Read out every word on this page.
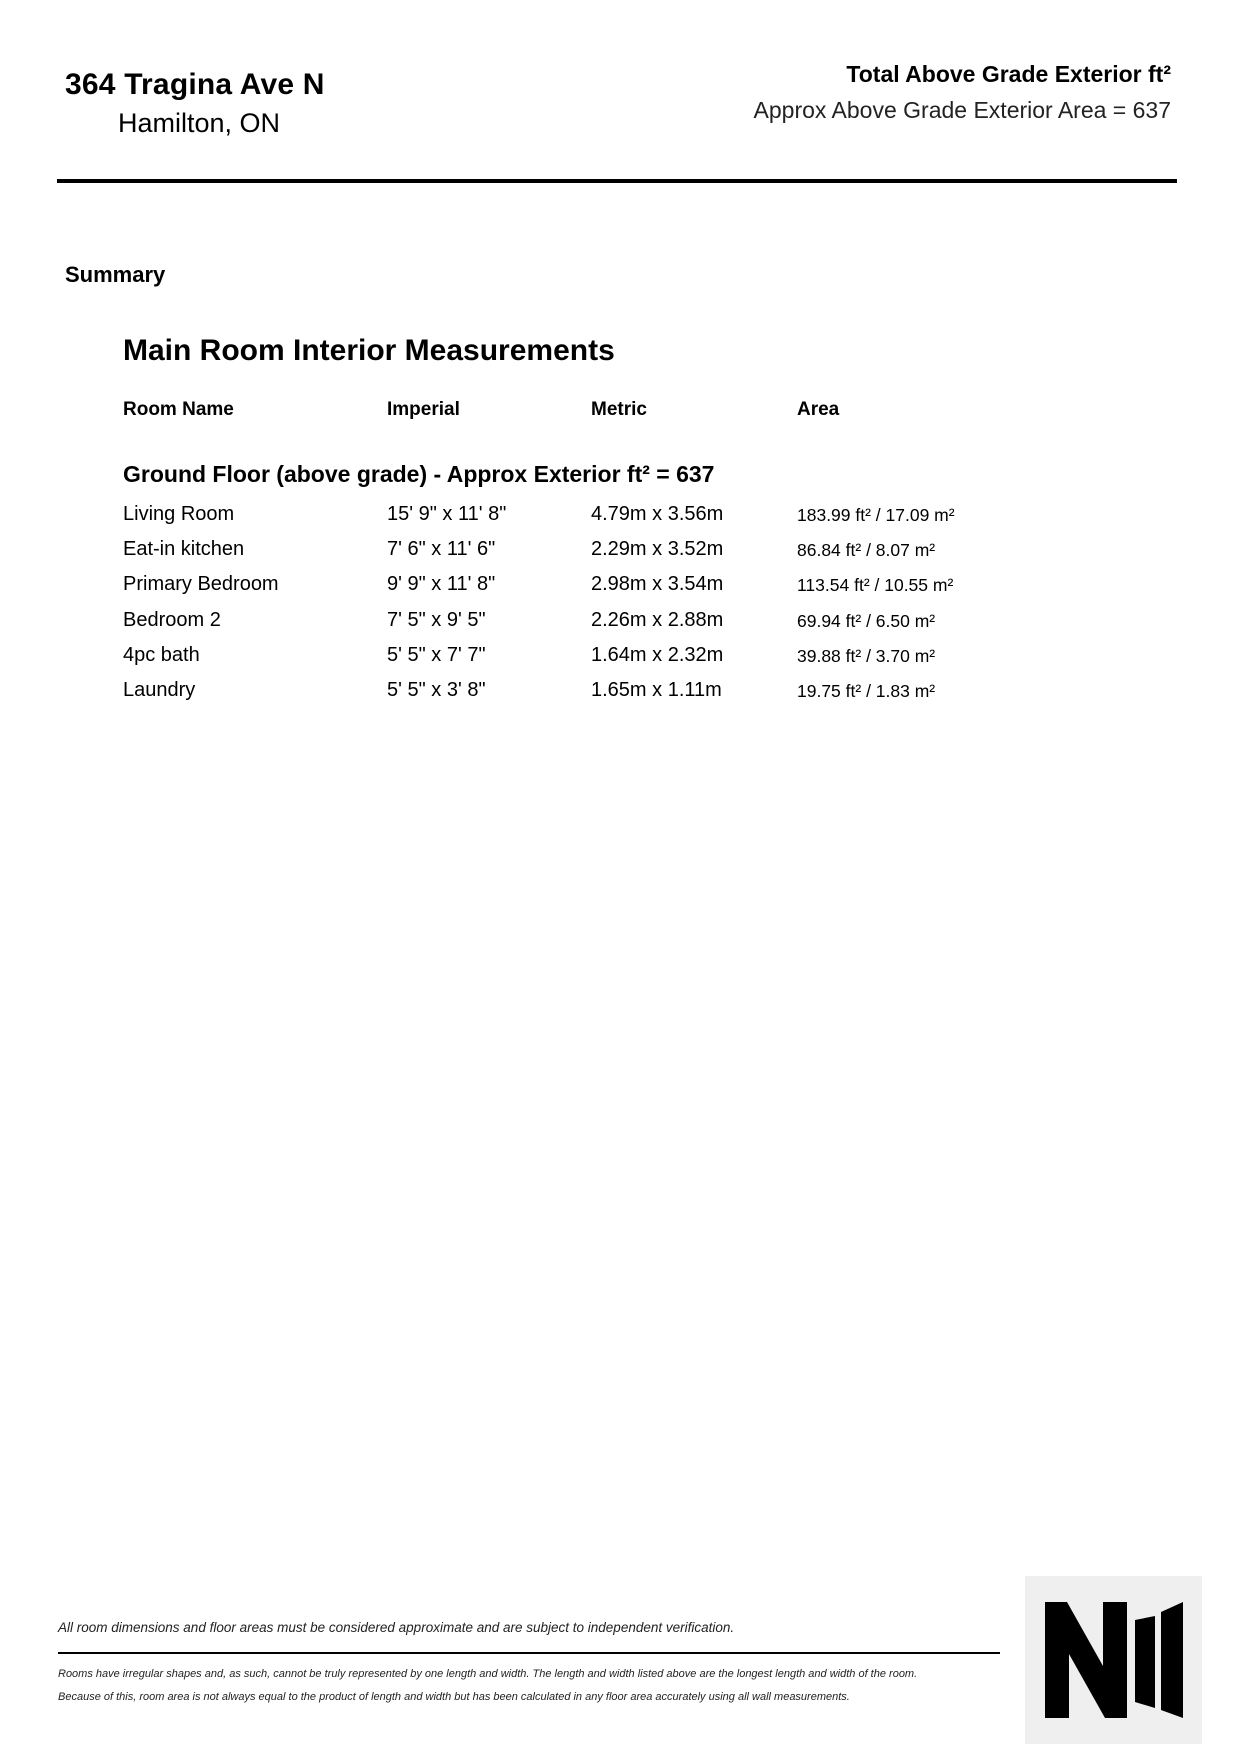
364 Tragina Ave N
Hamilton, ON
Total Above Grade Exterior ft²
Approx Above Grade Exterior Area = 637
Summary
Main Room Interior Measurements
Room Name	Imperial	Metric	Area
Ground Floor (above grade) - Approx Exterior ft² = 637
Living Room	15' 9" x 11' 8"	4.79m x 3.56m	183.99 ft² / 17.09 m²
Eat-in kitchen	7' 6" x 11' 6"	2.29m x 3.52m	86.84 ft² / 8.07 m²
Primary Bedroom	9' 9" x 11' 8"	2.98m x 3.54m	113.54 ft² / 10.55 m²
Bedroom 2	7' 5" x 9' 5"	2.26m x 2.88m	69.94 ft² / 6.50 m²
4pc bath	5' 5" x 7' 7"	1.64m x 2.32m	39.88 ft² / 3.70 m²
Laundry	5' 5" x 3' 8"	1.65m x 1.11m	19.75 ft² / 1.83 m²
All room dimensions and floor areas must be considered approximate and are subject to independent verification.
Rooms have irregular shapes and, as such, cannot be truly represented by one length and width. The length and width listed above are the longest length and width of the room.
Because of this, room area is not always equal to the product of length and width but has been calculated in any floor area accurately using all wall measurements.
